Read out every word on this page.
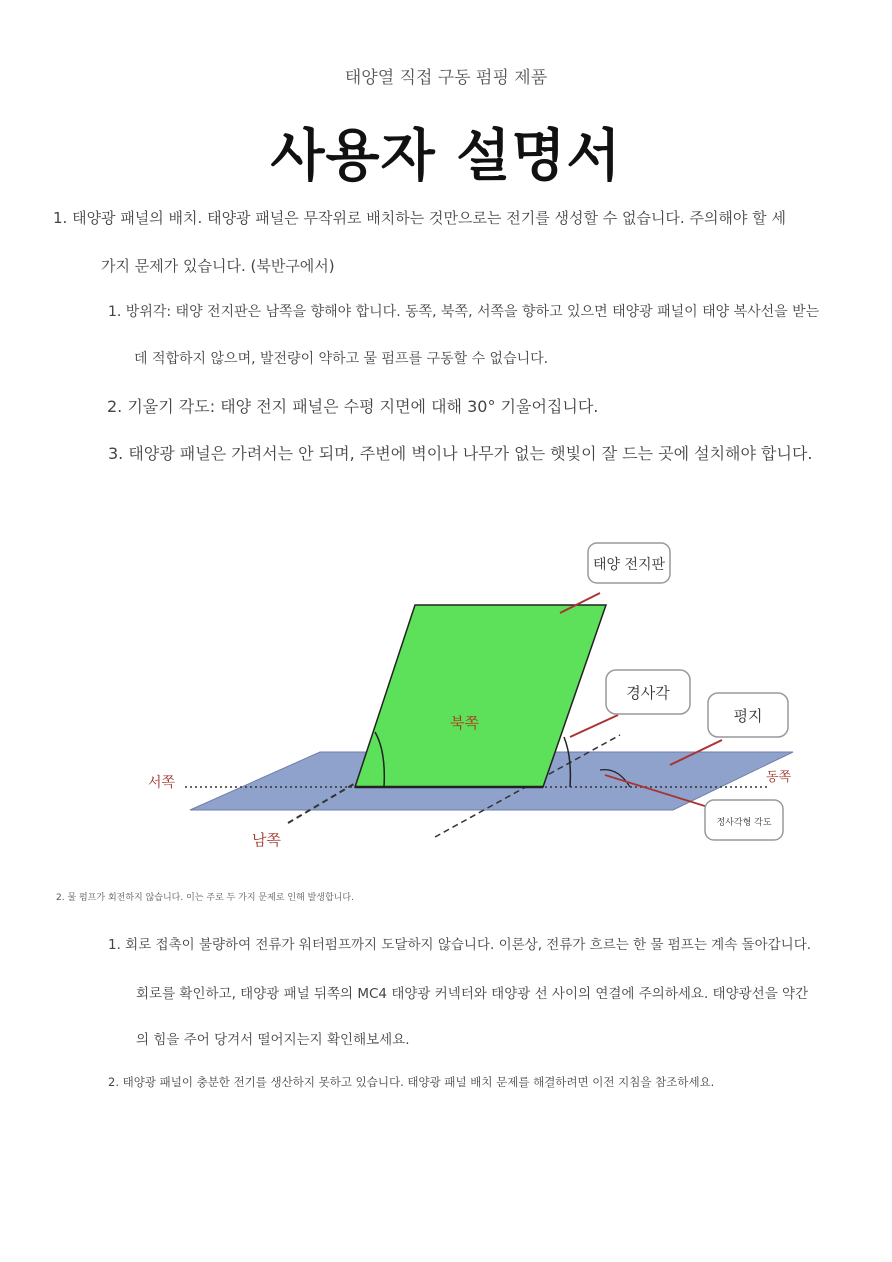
태양열 직접 구동 펌핑 제품
사용자 설명서
1. 태양광 패널의 배치. 태양광 패널은 무작위로 배치하는 것만으로는 전기를 생성할 수 없습니다. 주의해야 할 세
가지 문제가 있습니다. (북반구에서)
1. 방위각: 태양 전지판은 남쪽을 향해야 합니다. 동쪽, 북쪽, 서쪽을 향하고 있으면 태양광 패널이 태양 복사선을 받는
데 적합하지 않으며, 발전량이 약하고 물 펌프를 구동할 수 없습니다.
2. 기울기 각도: 태양 전지 패널은 수평 지면에 대해 30° 기울어집니다.
3. 태양광 패널은 가려서는 안 되며, 주변에 벽이나 나무가 없는 햇빛이 잘 드는 곳에 설치해야 합니다.
태양 전지판
경사각
평지
정사각형 각도
북쪽
서쪽	동쪽
남쪽
2. 물 펌프가 회전하지 않습니다. 이는 주로 두 가지 문제로 인해 발생합니다.
1. 회로 접촉이 불량하여 전류가 워터펌프까지 도달하지 않습니다. 이론상, 전류가 흐르는 한 물 펌프는 계속 돌아갑니다.
회로를 확인하고, 태양광 패널 뒤쪽의 MC4 태양광 커넥터와 태양광 선 사이의 연결에 주의하세요. 태양광선을 약간
의 힘을 주어 당겨서 떨어지는지 확인해보세요.
2. 태양광 패널이 충분한 전기를 생산하지 못하고 있습니다. 태양광 패널 배치 문제를 해결하려면 이전 지침을 참조하세요.
